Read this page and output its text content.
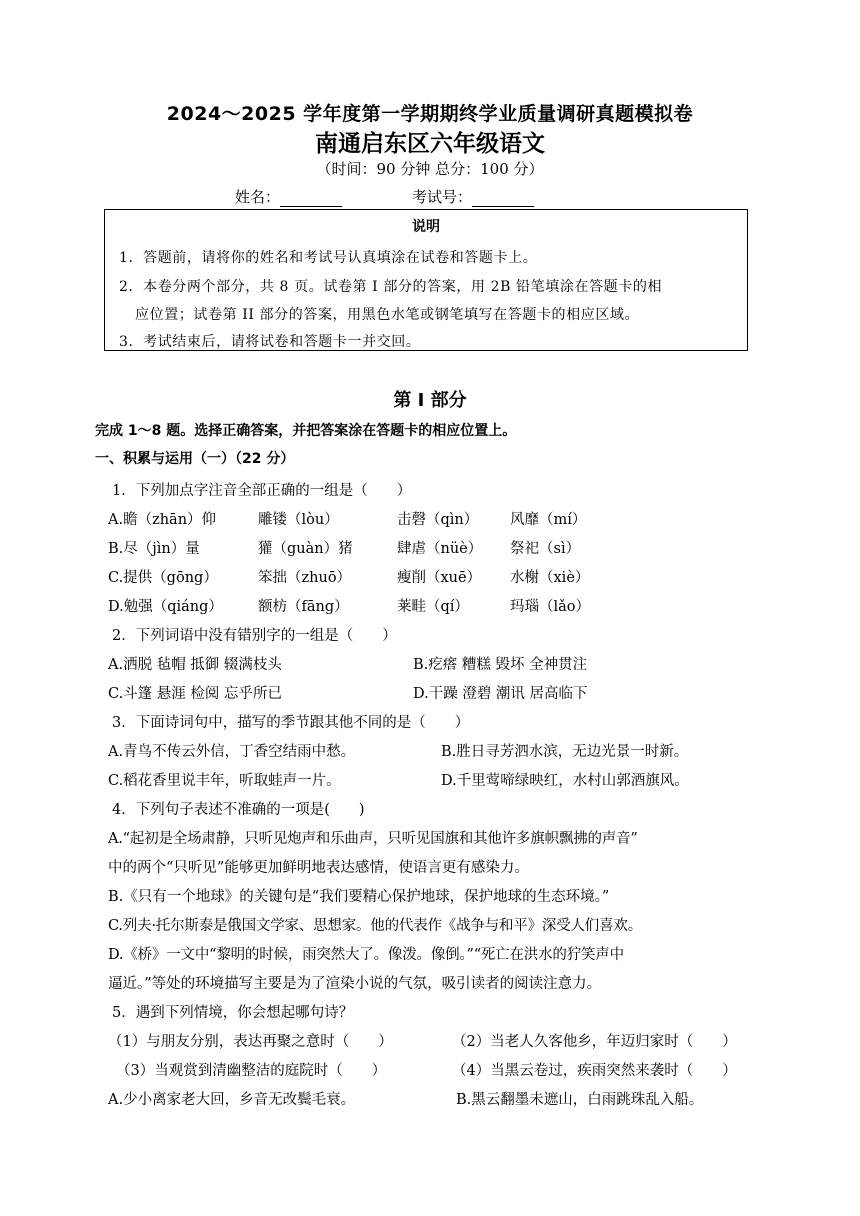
2024～2025 学年度第一学期期终学业质量调研真题模拟卷
南通启东区六年级语文
（时间：90 分钟 总分：100 分）
姓名：	考试号：
说明
1．答题前，请将你的姓名和考试号认真填涂在试卷和答题卡上。
2．本卷分两个部分，共 8 页。试卷第 I 部分的答案，用 2B 铅笔填涂在答题卡的相
应位置；试卷第 II 部分的答案，用黑色水笔或钢笔填写在答题卡的相应区域。
3．考试结束后，请将试卷和答题卡一并交回。
第 I 部分
完成 1～8 题。选择正确答案，并把答案涂在答题卡的相应位置上。
一、积累与运用（一）（22 分）
1．下列加点字注音全部正确的一组是（　　）
A.瞻（zhān）仰	雕镂（lòu）	击磬（qìn） 风靡（mí）
B.尽（jìn）量	獾（guàn）猪	肆虐（nüè） 祭祀（sì）
C.提供（gōng）	笨拙（zhuō）	瘦削（xuē） 水榭（xiè）
D.勉强（qiáng） 额枋（fāng）	莱畦（qí）	玛瑙（lǎo）
2．下列词语中没有错别字的一组是（　　）
A.洒脱 毡帽 抵御 辍满枝头	B.疙瘩 糟糕 毁坏 全神贯注
C.斗篷 悬涯 检阅 忘乎所已	D.干躁 澄碧 潮讯 居高临下
3．下面诗词句中，描写的季节跟其他不同的是（　　）
A.青鸟不传云外信，丁香空结雨中愁。	B.胜日寻芳泗水滨，无边光景一时新。
C.稻花香里说丰年，听取蛙声一片。	D.千里莺啼绿映红，水村山郭酒旗风。
4．下列句子表述不准确的一项是(　　)
A.“起初是全场肃静，只听见炮声和乐曲声，只听见国旗和其他许多旗帜飘拂的声音”
中的两个“只听见”能够更加鲜明地表达感情，使语言更有感染力。
B.《只有一个地球》的关键句是“我们要精心保护地球，保护地球的生态环境。”
C.列夫·托尔斯泰是俄国文学家、思想家。他的代表作《战争与和平》深受人们喜欢。
D.《桥》一文中“黎明的时候，雨突然大了。像泼。像倒。”“死亡在洪水的狞笑声中
逼近。”等处的环境描写主要是为了渲染小说的气氛，吸引读者的阅读注意力。
5．遇到下列情境，你会想起哪句诗？
（1）与朋友分别，表达再聚之意时（　　）	（2）当老人久客他乡，年迈归家时（　　）
（3）当观赏到清幽整洁的庭院时（　　）	（4）当黑云卷过，疾雨突然来袭时（　　）
A.少小离家老大回，乡音无改鬓毛衰。	B.黑云翻墨未遮山，白雨跳珠乱入船。
